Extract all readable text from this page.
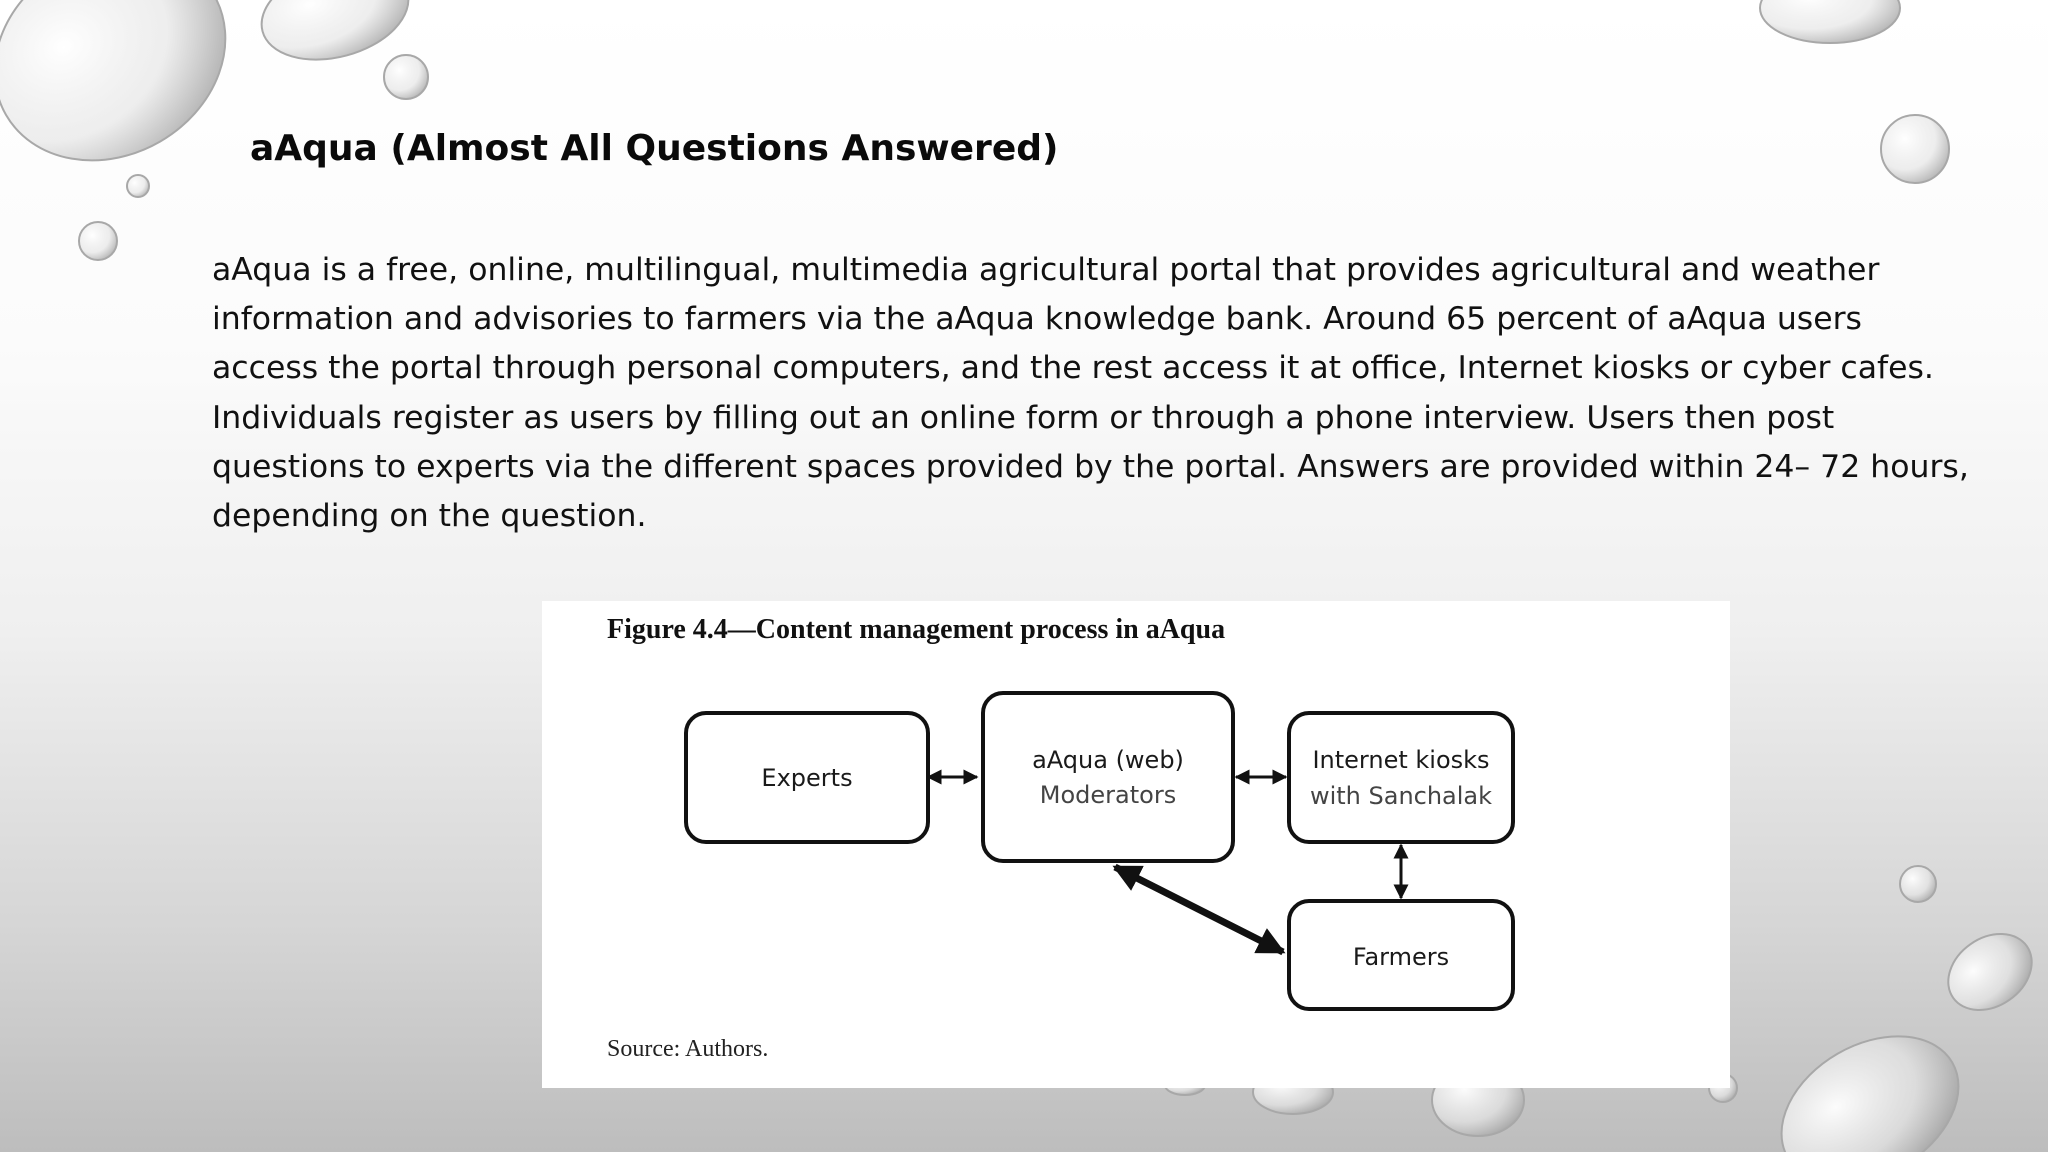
aAqua (Almost All Questions Answered)

aAqua is a free, online, multilingual, multimedia agricultural portal that provides agricultural and weather information and advisories to farmers via the aAqua knowledge bank. Around 65 percent of aAqua users access the portal through personal computers, and the rest access it at office, Internet kiosks or cyber cafes. Individuals register as users by filling out an online form or through a phone interview. Users then post questions to experts via the different spaces provided by the portal. Answers are provided within 24– 72 hours, depending on the question.

Figure 4.4—Content management process in aAqua
Experts
aAqua (web)
Moderators
Internet kiosks
with Sanchalak
Farmers
Source: Authors.
